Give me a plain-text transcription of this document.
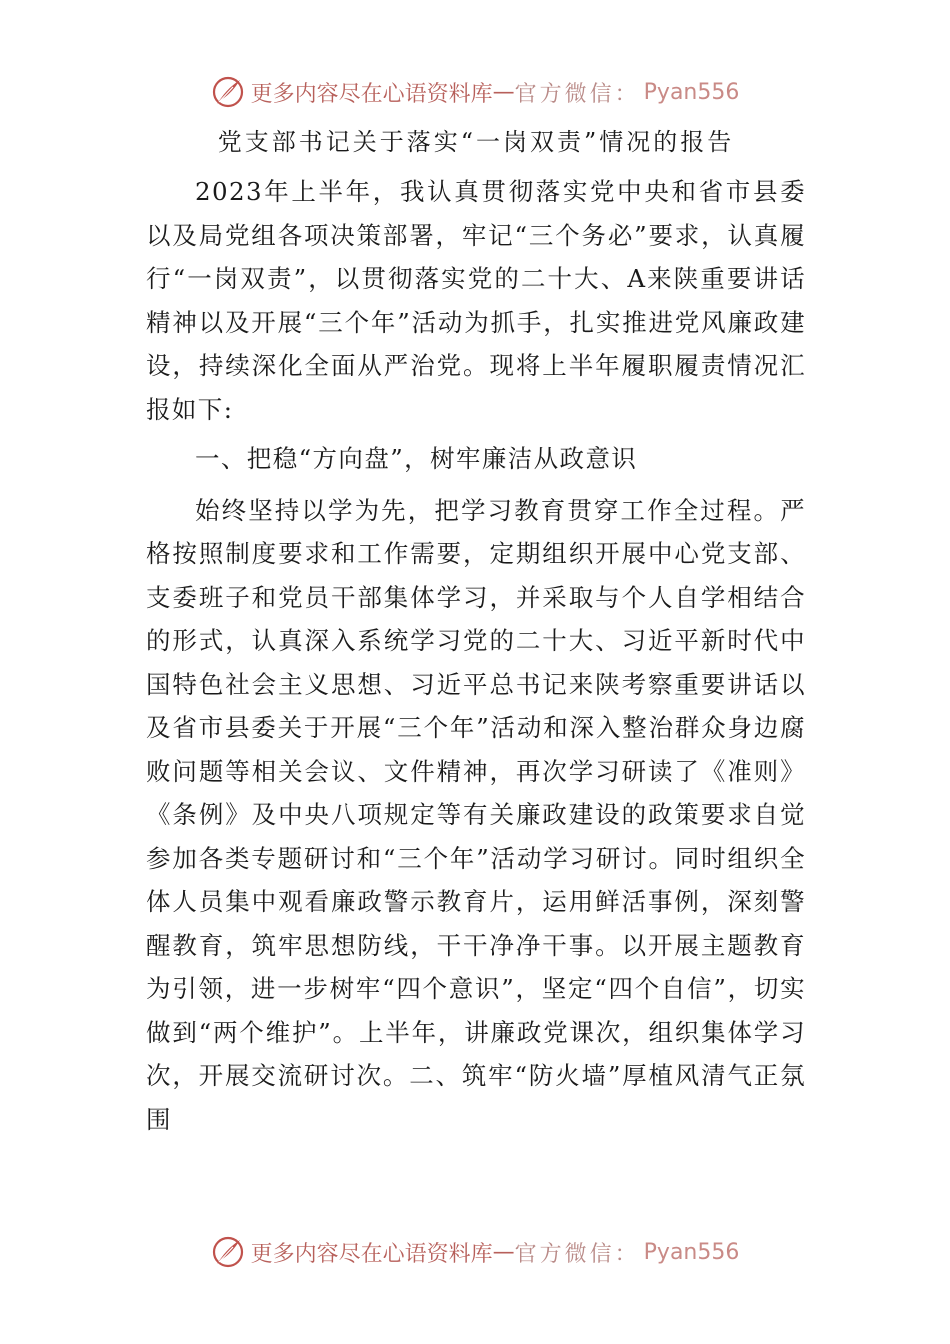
更多内容尽在心语资料库 — 官方微信： Pyan556
党支部书记关于落实“一岗双责”情况的报告

2023年上半年，我认真贯彻落实党中央和省市县委以及局党组各项决策部署，牢记“三个务必”要求，认真履行“一岗双责”，以贯彻落实党的二十大、A来陕重要讲话精神以及开展“三个年”活动为抓手，扎实推进党风廉政建设，持续深化全面从严治党。现将上半年履职履责情况汇报如下:

一、把稳“方向盘”，树牢廉洁从政意识

始终坚持以学为先，把学习教育贯穿工作全过程。严格按照制度要求和工作需要，定期组织开展中心党支部、支委班子和党员干部集体学习，并采取与个人自学相结合的形式，认真深入系统学习党的二十大、习近平新时代中国特色社会主义思想、习近平总书记来陕考察重要讲话以及省市县委关于开展“三个年”活动和深入整治群众身边腐败问题等相关会议、文件精神，再次学习研读了《准则》《条例》及中央八项规定等有关廉政建设的政策要求自觉参加各类专题研讨和“三个年”活动学习研讨。同时组织全体人员集中观看廉政警示教育片，运用鲜活事例，深刻警醒教育，筑牢思想防线，干干净净干事。以开展主题教育为引领，进一步树牢“四个意识”，坚定“四个自信”，切实做到“两个维护”。上半年，讲廉政党课次，组织集体学习次，开展交流研讨次。二、筑牢“防火墙”厚植风清气正氛围

更多内容尽在心语资料库 — 官方微信： Pyan556
